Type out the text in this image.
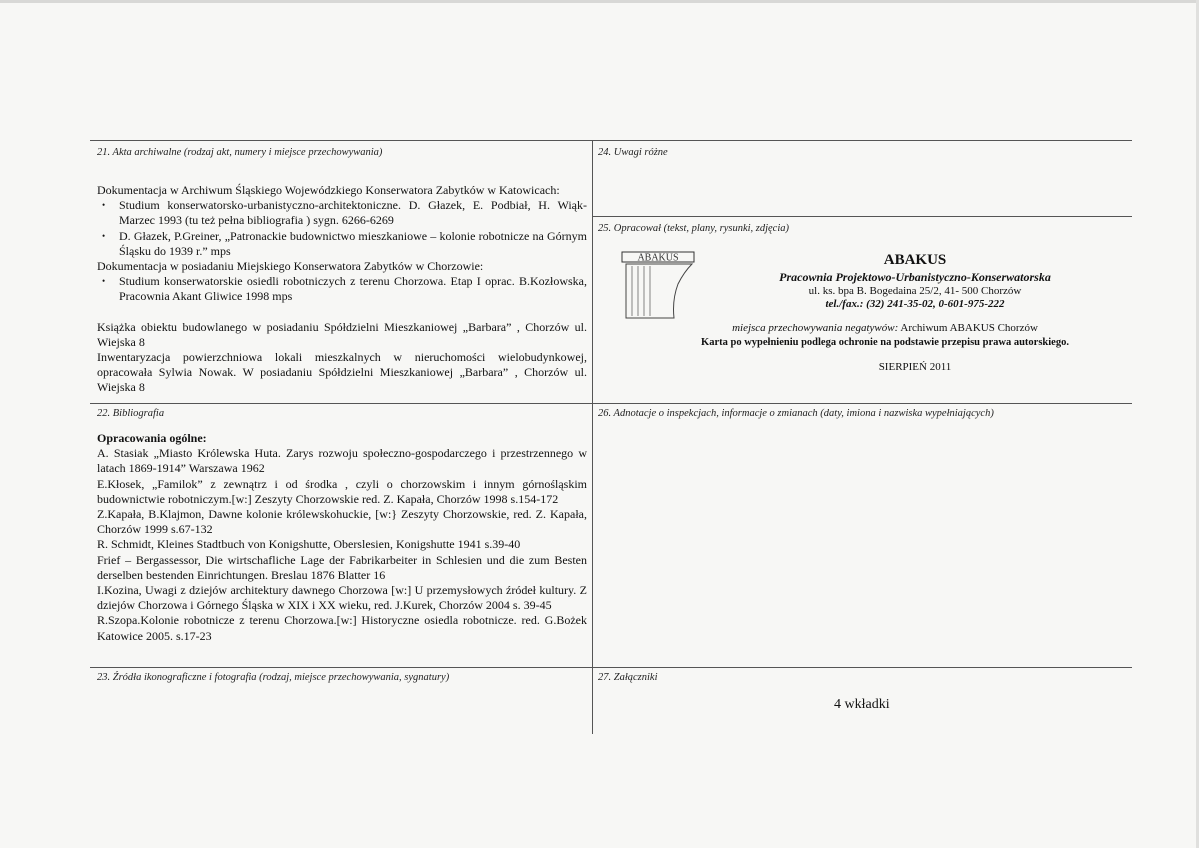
21. Akta archiwalne (rodzaj akt, numery i miejsce przechowywania)
Dokumentacja w Archiwum Śląskiego Wojewódzkiego Konserwatora Zabytków w Katowicach:
• Studium konserwatorsko-urbanistyczno-architektoniczne. D. Głazek, E. Podbiał, H. Wiąk-Marzec 1993 (tu też pełna bibliografia ) sygn. 6266-6269
• D. Głazek, P.Greiner, „Patronackie budownictwo mieszkaniowe – kolonie robotnicze na Górnym Śląsku do 1939 r.” mps
Dokumentacja w posiadaniu Miejskiego Konserwatora Zabytków w Chorzowie:
• Studium konserwatorskie osiedli robotniczych z terenu Chorzowa. Etap I oprac. B.Kozłowska, Pracownia Akant Gliwice 1998 mps
Książka obiektu budowlanego w posiadaniu Spółdzielni Mieszkaniowej „Barbara” , Chorzów ul. Wiejska 8
Inwentaryzacja powierzchniowa lokali mieszkalnych w nieruchomości wielobudynkowej, opracowała Sylwia Nowak. W posiadaniu Spółdzielni Mieszkaniowej „Barbara” , Chorzów ul. Wiejska 8
24. Uwagi różne
25. Opracował (tekst, plany, rysunki, zdjęcia)
ABAKUS	ABAKUS
Pracownia Projektowo-Urbanistyczno-Konserwatorska
ul. ks. bpa B. Bogedaina 25/2, 41- 500 Chorzów
tel./fax.: (32) 241-35-02, 0-601-975-222
miejsca przechowywania negatywów: Archiwum ABAKUS Chorzów
Karta po wypełnieniu podlega ochronie na podstawie przepisu prawa autorskiego.
SIERPIEŃ 2011
22. Bibliografia
Opracowania ogólne:
A. Stasiak „Miasto Królewska Huta. Zarys rozwoju społeczno-gospodarczego i przestrzennego w latach 1869-1914” Warszawa 1962
E.Kłosek, „Familok” z zewnątrz i od środka , czyli o chorzowskim i innym górnośląskim budownictwie robotniczym.[w:] Zeszyty Chorzowskie red. Z. Kapała, Chorzów 1998 s.154-172
Z.Kapała, B.Klajmon, Dawne kolonie królewskohuckie, [w:} Zeszyty Chorzowskie, red. Z. Kapała, Chorzów 1999 s.67-132
R. Schmidt, Kleines Stadtbuch von Konigshutte, Oberslesien, Konigshutte 1941 s.39-40
Frief – Bergassessor, Die wirtschafliche Lage der Fabrikarbeiter in Schlesien und die zum Besten derselben bestenden Einrichtungen. Breslau 1876 Blatter 16
I.Kozina, Uwagi z dziejów architektury dawnego Chorzowa [w:] U przemysłowych źródeł kultury. Z dziejów Chorzowa i Górnego Śląska w XIX i XX wieku, red. J.Kurek, Chorzów 2004 s. 39-45
R.Szopa.Kolonie robotnicze z terenu Chorzowa.[w:] Historyczne osiedla robotnicze. red. G.Bożek Katowice 2005. s.17-23
26. Adnotacje o inspekcjach, informacje o zmianach (daty, imiona i nazwiska wypełniających)
23. Źródła ikonograficzne i fotografia (rodzaj, miejsce przechowywania, sygnatury)	27. Załączniki
4 wkładki
